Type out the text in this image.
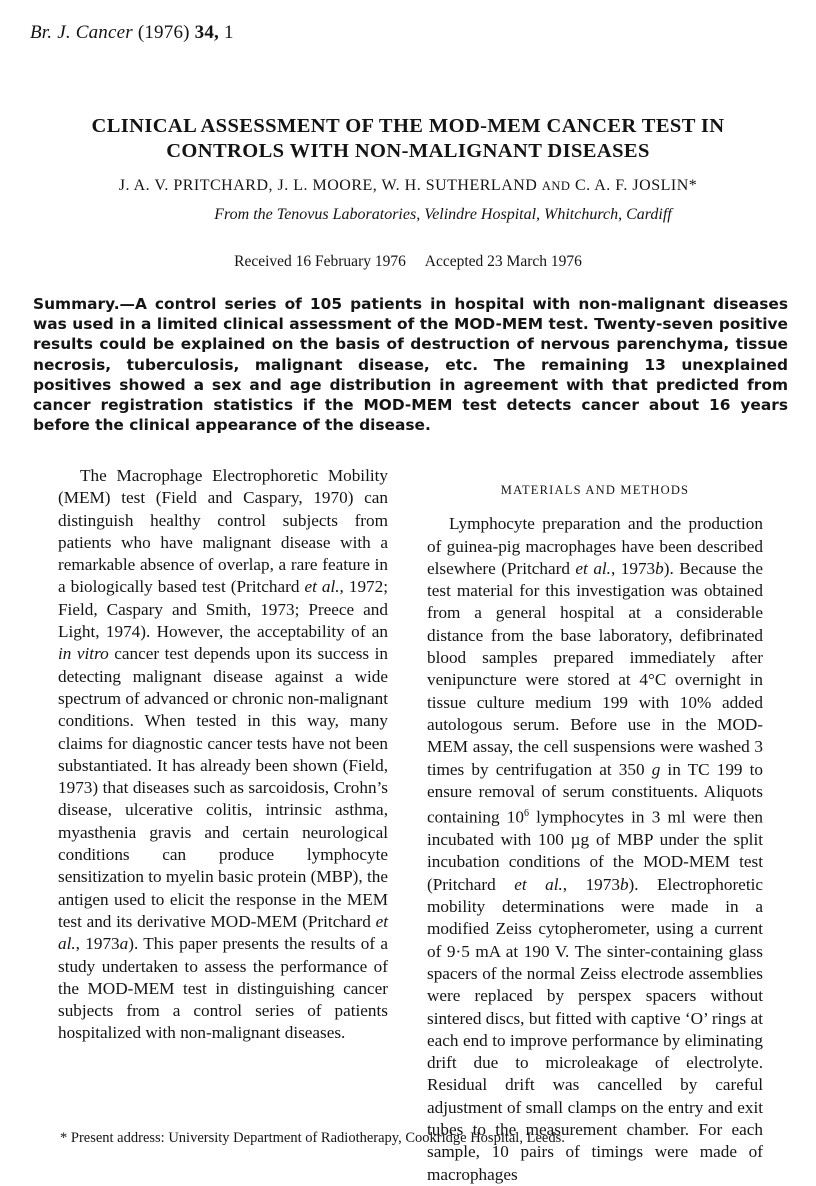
Br. J. Cancer (1976) 34, 1
CLINICAL ASSESSMENT OF THE MOD-MEM CANCER TEST IN
CONTROLS WITH NON-MALIGNANT DISEASES
J. A. V. PRITCHARD, J. L. MOORE, W. H. SUTHERLAND AND C. A. F. JOSLIN*
From the Tenovus Laboratories, Velindre Hospital, Whitchurch, Cardiff
Received 16 February 1976 Accepted 23 March 1976
Summary.—A control series of 105 patients in hospital with non-malignant diseases was used in a limited clinical assessment of the MOD-MEM test. Twenty-seven positive results could be explained on the basis of destruction of nervous parenchyma, tissue necrosis, tuberculosis, malignant disease, etc. The remaining 13 unexplained positives showed a sex and age distribution in agreement with that predicted from cancer registration statistics if the MOD-MEM test detects cancer about 16 years before the clinical appearance of the disease.

The Macrophage Electrophoretic Mobility (MEM) test (Field and Caspary, 1970) can distinguish healthy control subjects from patients who have malignant disease with a remarkable absence of overlap, a rare feature in a biologically based test (Pritchard et al., 1972; Field, Caspary and Smith, 1973; Preece and Light, 1974). However, the acceptability of an in vitro cancer test depends upon its success in detecting malignant disease against a wide spectrum of advanced or chronic non-malignant conditions. When tested in this way, many claims for diagnostic cancer tests have not been substantiated. It has already been shown (Field, 1973) that diseases such as sarcoidosis, Crohn’s disease, ulcerative colitis, intrinsic asthma, myasthenia gravis and certain neurological conditions can produce lymphocyte sensitization to myelin basic protein (MBP), the antigen used to elicit the response in the MEM test and its derivative MOD-MEM (Pritchard et al., 1973a). This paper presents the results of a study undertaken to assess the performance of the MOD-MEM test in distinguishing cancer subjects from a control series of patients hospitalized with non-malignant diseases.

MATERIALS AND METHODS

Lymphocyte preparation and the production of guinea-pig macrophages have been described elsewhere (Pritchard et al., 1973b). Because the test material for this investigation was obtained from a general hospital at a considerable distance from the base laboratory, defibrinated blood samples prepared immediately after venipuncture were stored at 4°C overnight in tissue culture medium 199 with 10% added autologous serum. Before use in the MOD-MEM assay, the cell suspensions were washed 3 times by centrifugation at 350 g in TC 199 to ensure removal of serum constituents. Aliquots containing $10^6$ lymphocytes in 3 ml were then incubated with 100 µg of MBP under the split incubation conditions of the MOD-MEM test (Pritchard et al., 1973b). Electrophoretic mobility determinations were made in a modified Zeiss cytopherometer, using a current of 9·5 mA at 190 V. The sinter-containing glass spacers of the normal Zeiss electrode assemblies were replaced by perspex spacers without sintered discs, but fitted with captive ‘O’ rings at each end to improve performance by eliminating drift due to microleakage of electrolyte. Residual drift was cancelled by careful adjustment of small clamps on the entry and exit tubes to the measurement chamber. For each sample, 10 pairs of timings were made of macrophages

* Present address: University Department of Radiotherapy, Cookridge Hospital, Leeds.
